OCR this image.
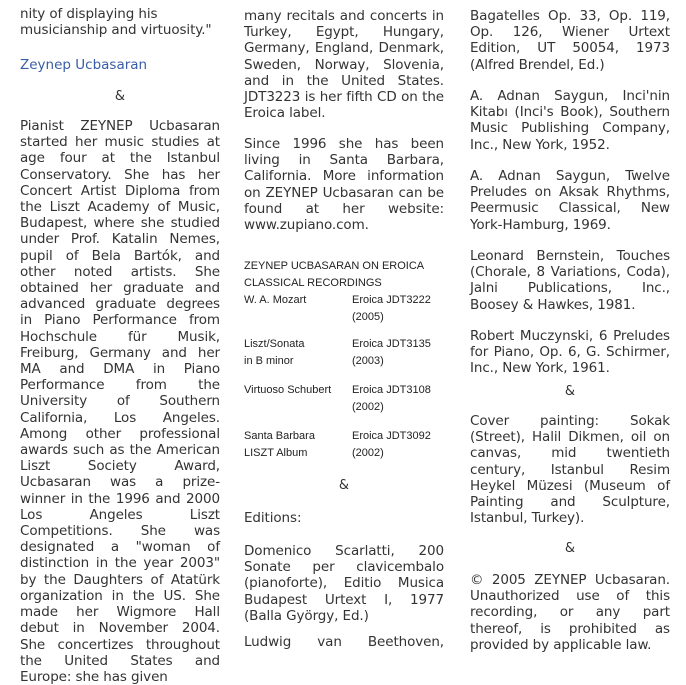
nity of displaying his musicianship and virtuosity."

Zeynep Ucbasaran

&

Pianist ZEYNEP Ucbasaran started her music studies at age four at the Istanbul Conservatory. She has her Concert Artist Diploma from the Liszt Academy of Music, Budapest, where she studied under Prof. Katalin Nemes, pupil of Bela Bartók, and other noted artists. She obtained her graduate and advanced graduate degrees in Piano Performance from Hochschule für Musik, Freiburg, Germany and her MA and DMA in Piano Performance from the University of Southern California, Los Angeles. Among other professional awards such as the American Liszt Society Award, Ucbasaran was a prize-winner in the 1996 and 2000 Los Angeles Liszt Competitions. She was designated a "woman of distinction in the year 2003" by the Daughters of Atatürk organization in the US. She made her Wigmore Hall debut in November 2004. She concertizes throughout the United States and Europe: she has given

many recitals and concerts in Turkey, Egypt, Hungary, Germany, England, Denmark, Sweden, Norway, Slovenia, and in the United States. JDT3223 is her fifth CD on the Eroica label.

Since 1996 she has been living in Santa Barbara, California. More information on ZEYNEP Ucbasaran can be found at her website: www.zupiano.com.

ZEYNEP UCBASARAN ON EROICA
CLASSICAL RECORDINGS
W. A. Mozart	Eroica JDT3222
(2005)
Liszt/Sonata
in B minor
Eroica JDT3135
(2003)
Virtuoso Schubert	Eroica JDT3108
(2002)
Santa Barbara
LISZT Album
Eroica JDT3092
(2002)

&

Editions:

Domenico Scarlatti, 200 Sonate per clavicembalo (pianoforte), Editio Musica Budapest Urtext I, 1977 (Balla György, Ed.)

Ludwig van Beethoven,

Bagatelles Op. 33, Op. 119, Op. 126, Wiener Urtext Edition, UT 50054, 1973 (Alfred Brendel, Ed.)

A. Adnan Saygun, Inci'nin Kitabı (Inci's Book), Southern Music Publishing Company, Inc., New York, 1952.

A. Adnan Saygun, Twelve Preludes on Aksak Rhythms, Peermusic Classical, New York-Hamburg, 1969.

Leonard Bernstein, Touches (Chorale, 8 Variations, Coda), Jalni Publications, Inc., Boosey & Hawkes, 1981.

Robert Muczynski, 6 Preludes for Piano, Op. 6, G. Schirmer, Inc., New York, 1961.

&

Cover painting: Sokak (Street), Halil Dikmen, oil on canvas, mid twentieth century, Istanbul Resim Heykel Müzesi (Museum of Painting and Sculpture, Istanbul, Turkey).

&

© 2005 ZEYNEP Ucbasaran. Unauthorized use of this recording, or any part thereof, is prohibited as provided by applicable law.
